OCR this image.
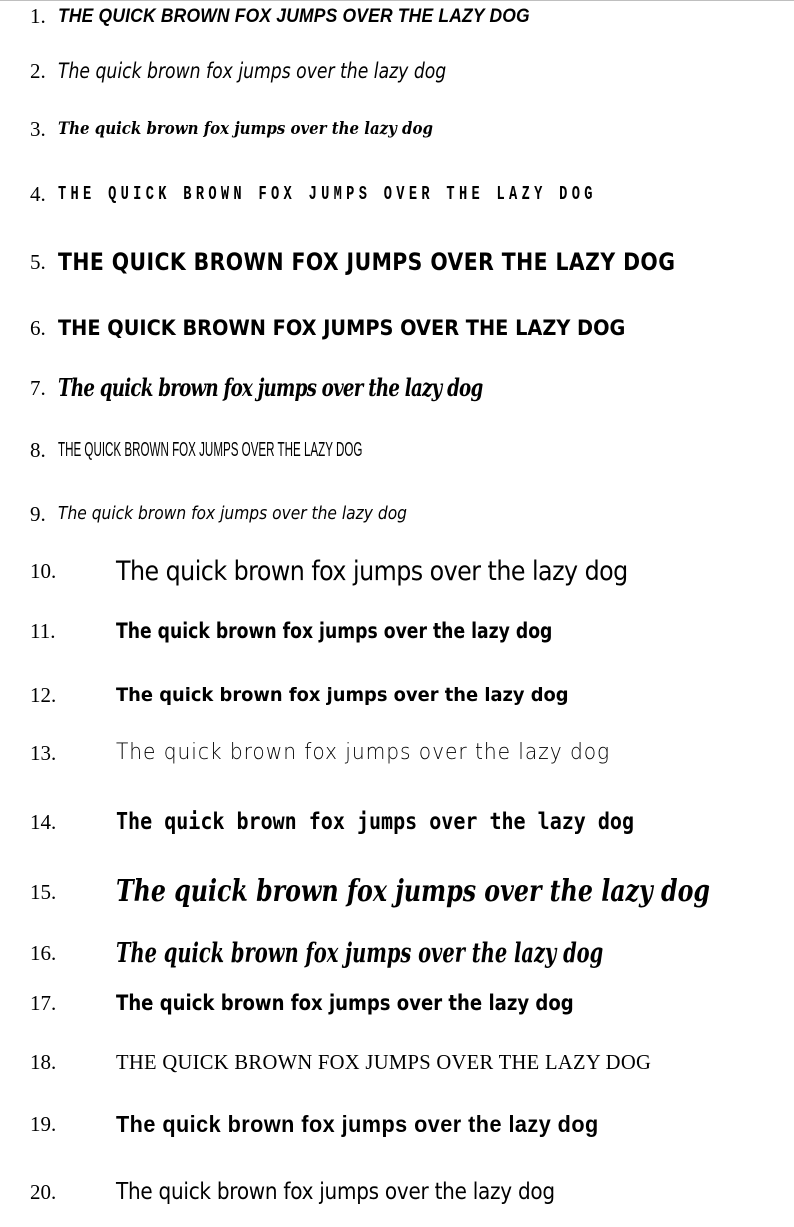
1. THE QUICK BROWN FOX JUMPS OVER THE LAZY DOG
2. The quick brown fox jumps over the lazy dog
3. The quick brown fox jumps over the lazy dog
4. THE QUICK BROWN FOX JUMPS OVER THE LAZY DOG
5. THE QUICK BROWN FOX JUMPS OVER THE LAZY DOG
6. THE QUICK BROWN FOX JUMPS OVER THE LAZY DOG
7. The quick brown fox jumps over the lazy dog
8. THE QUICK BROWN FOX JUMPS OVER THE LAZY DOG
9. The quick brown fox jumps over the lazy dog
10. The quick brown fox jumps over the lazy dog
11.	The quick brown fox jumps over the lazy dog
12.	The quick brown fox jumps over the lazy dog
13.	The quick brown fox jumps over the lazy dog
14.	The quick brown fox jumps over the lazy dog
15. The quick brown fox jumps over the lazy dog
16. The quick brown fox jumps over the lazy dog
17.	The quick brown fox jumps over the lazy dog
18.	THE QUICK BROWN FOX JUMPS OVER THE LAZY DOG
19.	The quick brown fox jumps over the lazy dog
20.	The quick brown fox jumps over the lazy dog
